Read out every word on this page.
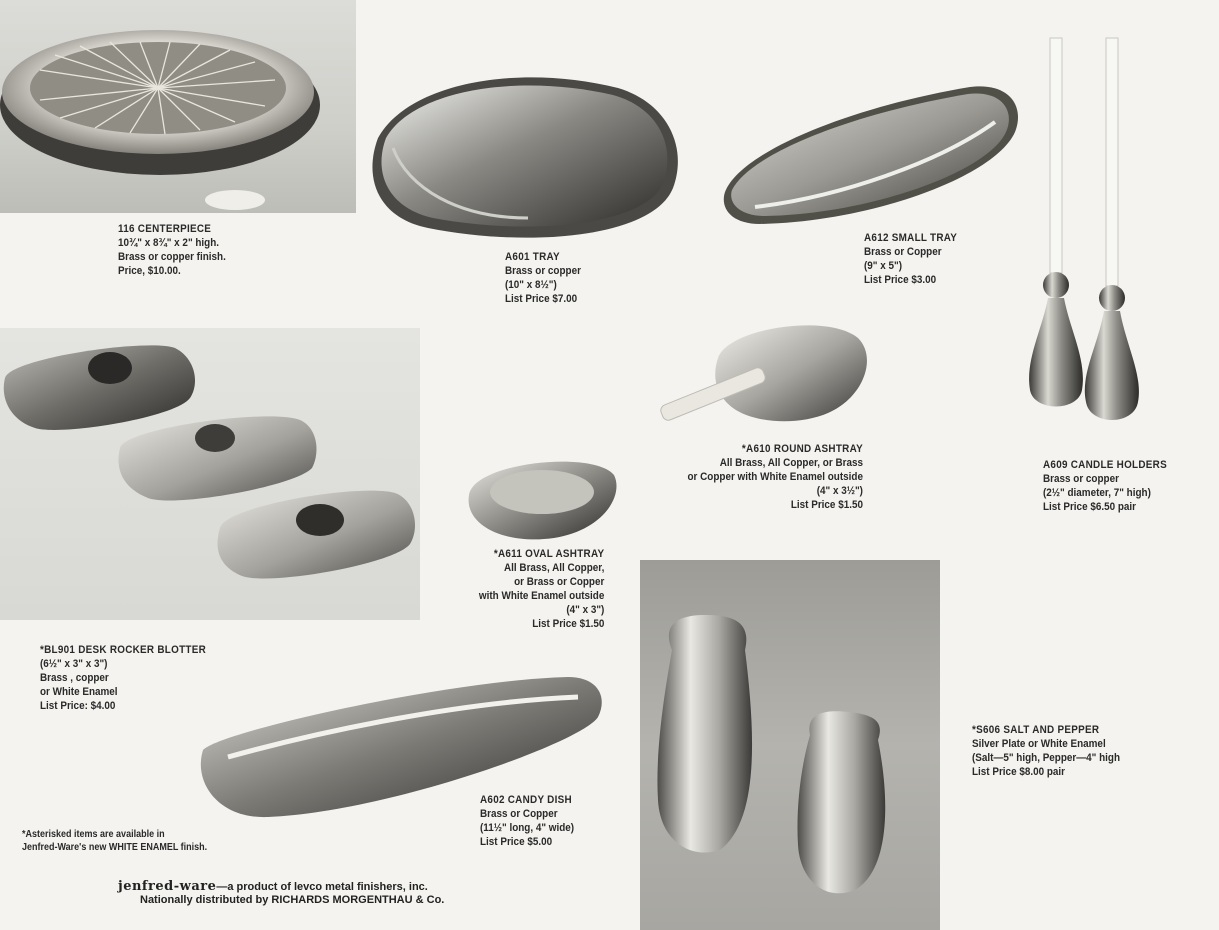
116 CENTERPIECE
10¾" x 8¾" x 2" high.
Brass or copper finish.
Price, $10.00.
A601 TRAY
Brass or copper
(10" x 8½")
List Price $7.00
A612 SMALL TRAY
Brass or Copper
(9" x 5")
List Price $3.00
A609 CANDLE HOLDERS
Brass or copper
(2½" diameter, 7" high)
List Price $6.50 pair
*A610 ROUND ASHTRAY
All Brass, All Copper, or Brass
or Copper with White Enamel outside
(4" x 3½")
List Price $1.50
*A611 OVAL ASHTRAY
All Brass, All Copper,
or Brass or Copper
with White Enamel outside
(4" x 3")
List Price $1.50
*BL901 DESK ROCKER BLOTTER
(6½" x 3" x 3")
Brass , copper
or White Enamel
List Price: $4.00
A602 CANDY DISH
Brass or Copper
(11½" long, 4" wide)
List Price $5.00
*S606 SALT AND PEPPER
Silver Plate or White Enamel
(Salt—5" high, Pepper—4" high
List Price $8.00 pair
*Asterisked items are available in
Jenfred-Ware's new WHITE ENAMEL finish.
jenfred-ware—a product of levco metal finishers, inc.
Nationally distributed by RICHARDS MORGENTHAU & Co.
